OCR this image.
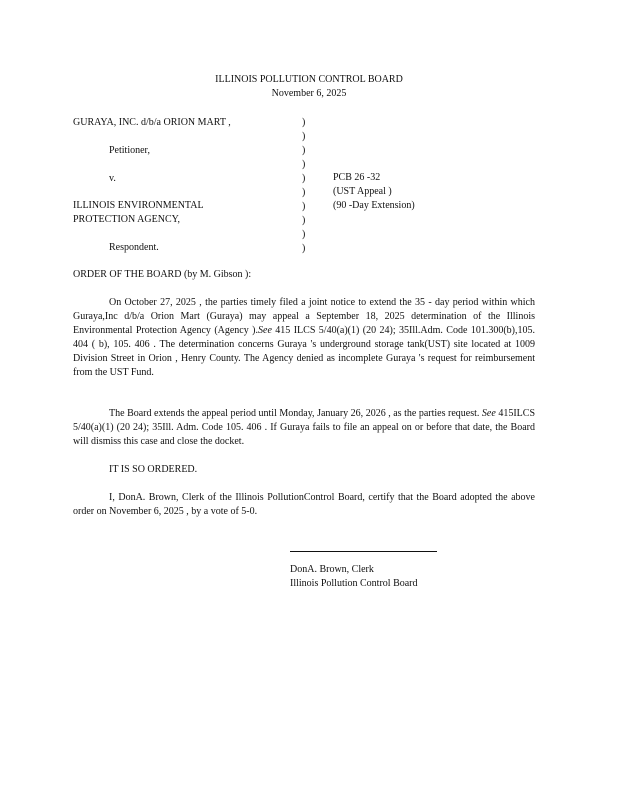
ILLINOIS POLLUTION CONTROL BOARD
November 6, 2025
GURAYA, INC. d/b/a ORION MART ,
Petitioner,
v.
ILLINOIS ENVIRONMENTAL
PROTECTION AGENCY,
Respondent.
)
)
)
)
)
)
)
)
)
)
PCB 26 -32
(UST Appeal )
(90 -Day Extension)
ORDER OF THE BOARD (by M. Gibson ):
On October 27, 2025 , the parties timely filed a joint notice to extend the 35 - day period within which Guraya,Inc d/b/a Orion Mart (Guraya) may appeal a September 18, 2025 determination of the Illinois Environmental Protection Agency (Agency ).See 415 ILCS 5/40(a)(1) (20 24); 35Ill.Adm. Code 101.300(b),105. 404 ( b), 105. 406 . The determination concerns Guraya 's underground storage tank(UST) site located at 1009 Division Street in Orion , Henry County. The Agency denied as incomplete Guraya 's request for reimbursement from the UST Fund.
The Board extends the appeal period until Monday, January 26, 2026 , as the parties request. See 415ILCS 5/40(a)(1) (20 24); 35Ill. Adm. Code 105. 406 . If Guraya fails to file an appeal on or before that date, the Board will dismiss this case and close the docket.
IT IS SO ORDERED.
I, DonA. Brown, Clerk of the Illinois PollutionControl Board, certify that the Board adopted the above order on November 6, 2025 , by a vote of 5-0.
DonA. Brown, Clerk
Illinois Pollution Control Board
